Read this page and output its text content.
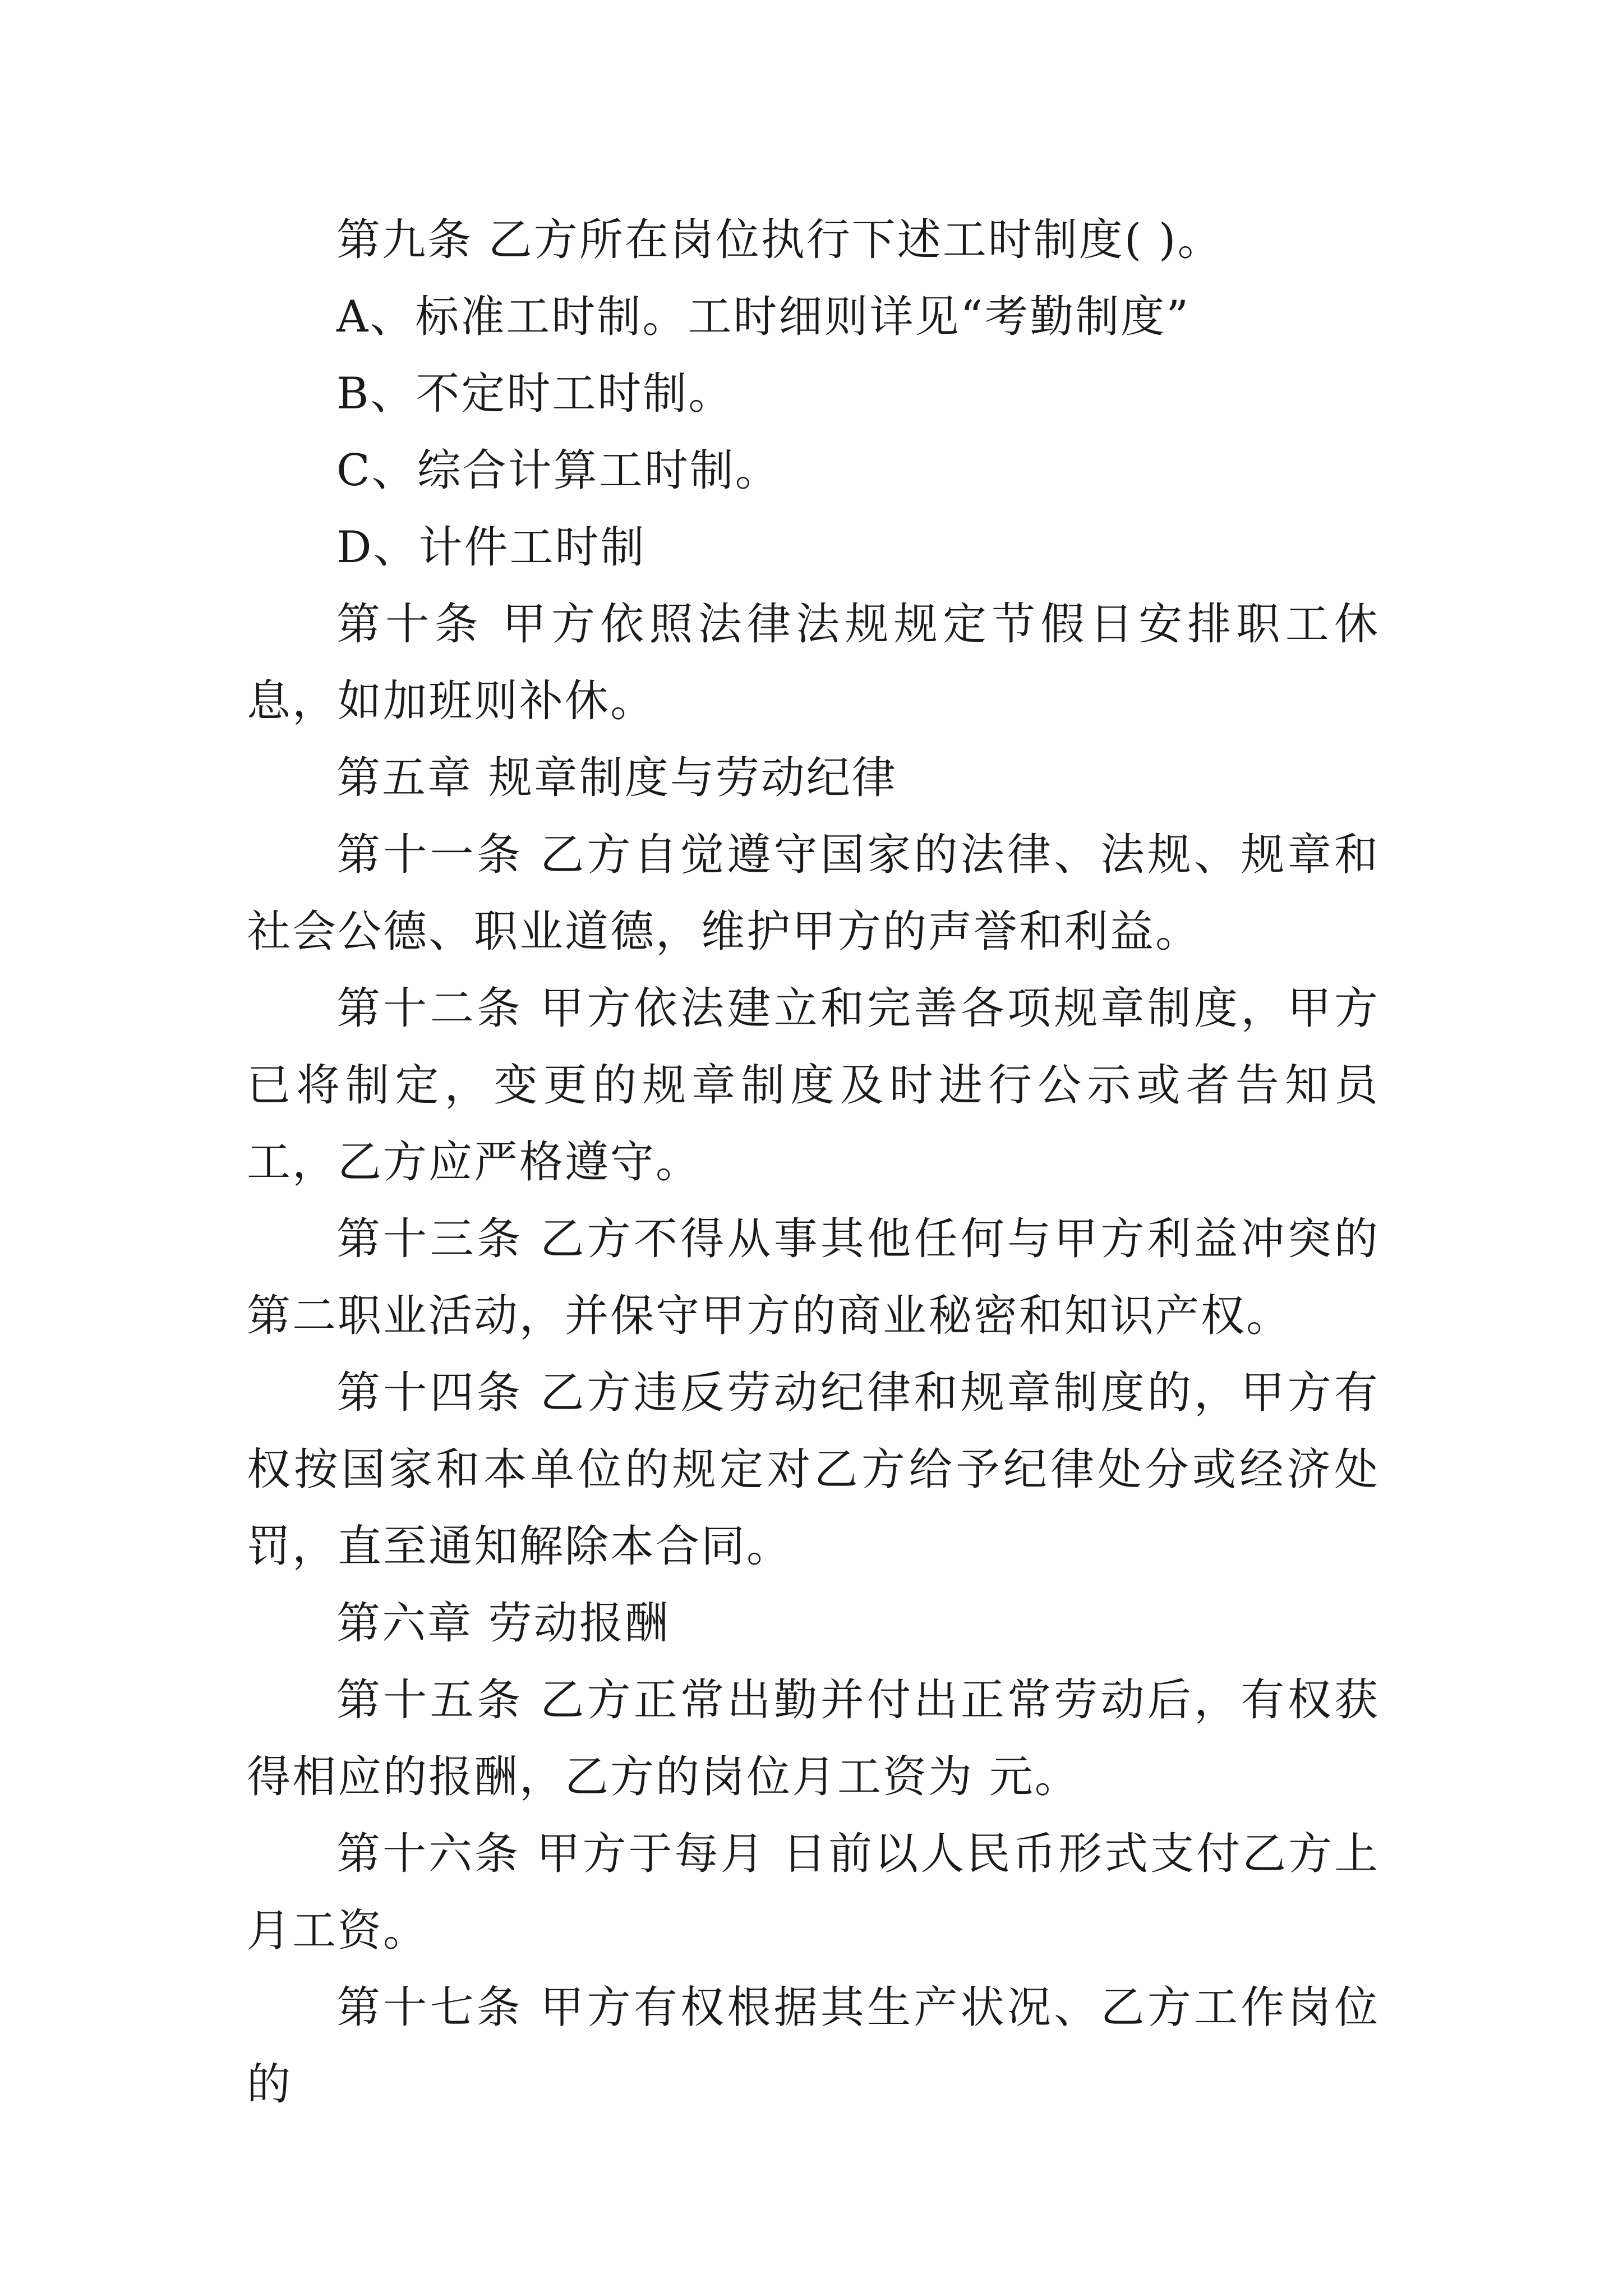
第九条 乙方所在岗位执行下述工时制度( )。

A、标准工时制。工时细则详见“考勤制度”

B、不定时工时制。

C、综合计算工时制。

D、计件工时制

第十条 甲方依照法律法规规定节假日安排职工休息，如加班则补休。

第五章 规章制度与劳动纪律

第十一条 乙方自觉遵守国家的法律、法规、规章和社会公德、职业道德，维护甲方的声誉和利益。

第十二条 甲方依法建立和完善各项规章制度，甲方已将制定，变更的规章制度及时进行公示或者告知员工，乙方应严格遵守。

第十三条 乙方不得从事其他任何与甲方利益冲突的第二职业活动，并保守甲方的商业秘密和知识产权。

第十四条 乙方违反劳动纪律和规章制度的，甲方有权按国家和本单位的规定对乙方给予纪律处分或经济处罚，直至通知解除本合同。

第六章 劳动报酬

第十五条 乙方正常出勤并付出正常劳动后，有权获得相应的报酬，乙方的岗位月工资为 元。

第十六条 甲方于每月 日前以人民币形式支付乙方上月工资。

第十七条 甲方有权根据其生产状况、乙方工作岗位的
